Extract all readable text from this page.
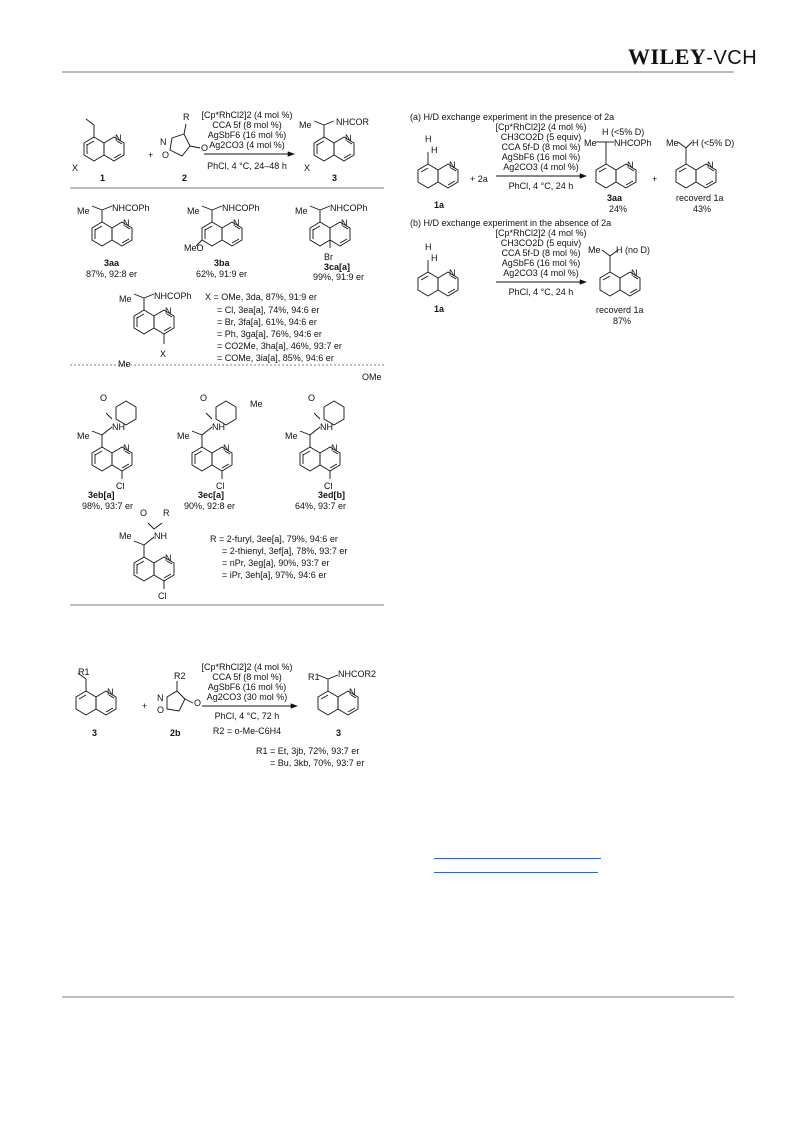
WILEY-VCH
N
X
1
+
N
O
O
R
2
[Cp*RhCl2]2 (4 mol %)
CCA 5f (8 mol %)
AgSbF6 (16 mol %)
Ag2CO3 (4 mol %)
PhCl, 4 °C, 24–48 h
N
Me	NHCOR
X
3
N
Me NHCOPh
3aa
87%, 92:8 er
N
Me NHCOPh
MeO
3ba
62%, 91:9 er
N
Me NHCOPh
Br
3ca[a]
99%, 91:9 er
N
Me NHCOPh
X
X = OMe, 3da, 87%, 91:9 er
= Cl, 3ea[a], 74%, 94:6 er
= Br, 3fa[a], 61%, 94:6 er
= Ph, 3ga[a], 76%, 94:6 er
= CO2Me, 3ha[a], 46%, 93:7 er
= COMe, 3ia[a], 85%, 94:6 er
N
Me
NH
O
Me
Cl
3eb[a]
98%, 93:7 er
N
Me
NH
O
Me
Cl
3ec[a]
90%, 92:8 er
N
Me
NH
O
OMe
Cl
3ed[b]
64%, 93:7 er
N
Me NH
O R
Cl
R = 2-furyl, 3ee[a], 79%, 94:6 er
= 2-thienyl, 3ef[a], 78%, 93:7 er
= nPr, 3eg[a], 90%, 93:7 er
= iPr, 3eh[a], 97%, 94:6 er
(a) H/D exchange experiment in the presence of 2a
N
H
H
1a
+ 2a
[Cp*RhCl2]2 (4 mol %)
CH3CO2D (5 equiv)
CCA 5f-D (8 mol %)
AgSbF6 (16 mol %)
Ag2CO3 (4 mol %)
PhCl, 4 °C, 24 h
N
H (<5% D)
Me NHCOPh
3aa
24%
+
N
Me H (<5% D)
recoverd 1a
43%
(b) H/D exchange experiment in the absence of 2a
N
H
H
1a
[Cp*RhCl2]2 (4 mol %)
CH3CO2D (5 equiv)
CCA 5f-D (8 mol %)
AgSbF6 (16 mol %)
Ag2CO3 (4 mol %)
PhCl, 4 °C, 24 h
N
Me H (no D)
recoverd 1a
87%
N
R1
3
+
N
O
O
R2
2b
[Cp*RhCl2]2 (4 mol %)
CCA 5f (8 mol %)
AgSbF6 (16 mol %)
Ag2CO3 (30 mol %)
PhCl, 4 °C, 72 h
R2 = o-Me-C6H4
N
R1 NHCOR2
3
R1 = Et, 3jb, 72%, 93:7 er
= Bu, 3kb, 70%, 93:7 er
